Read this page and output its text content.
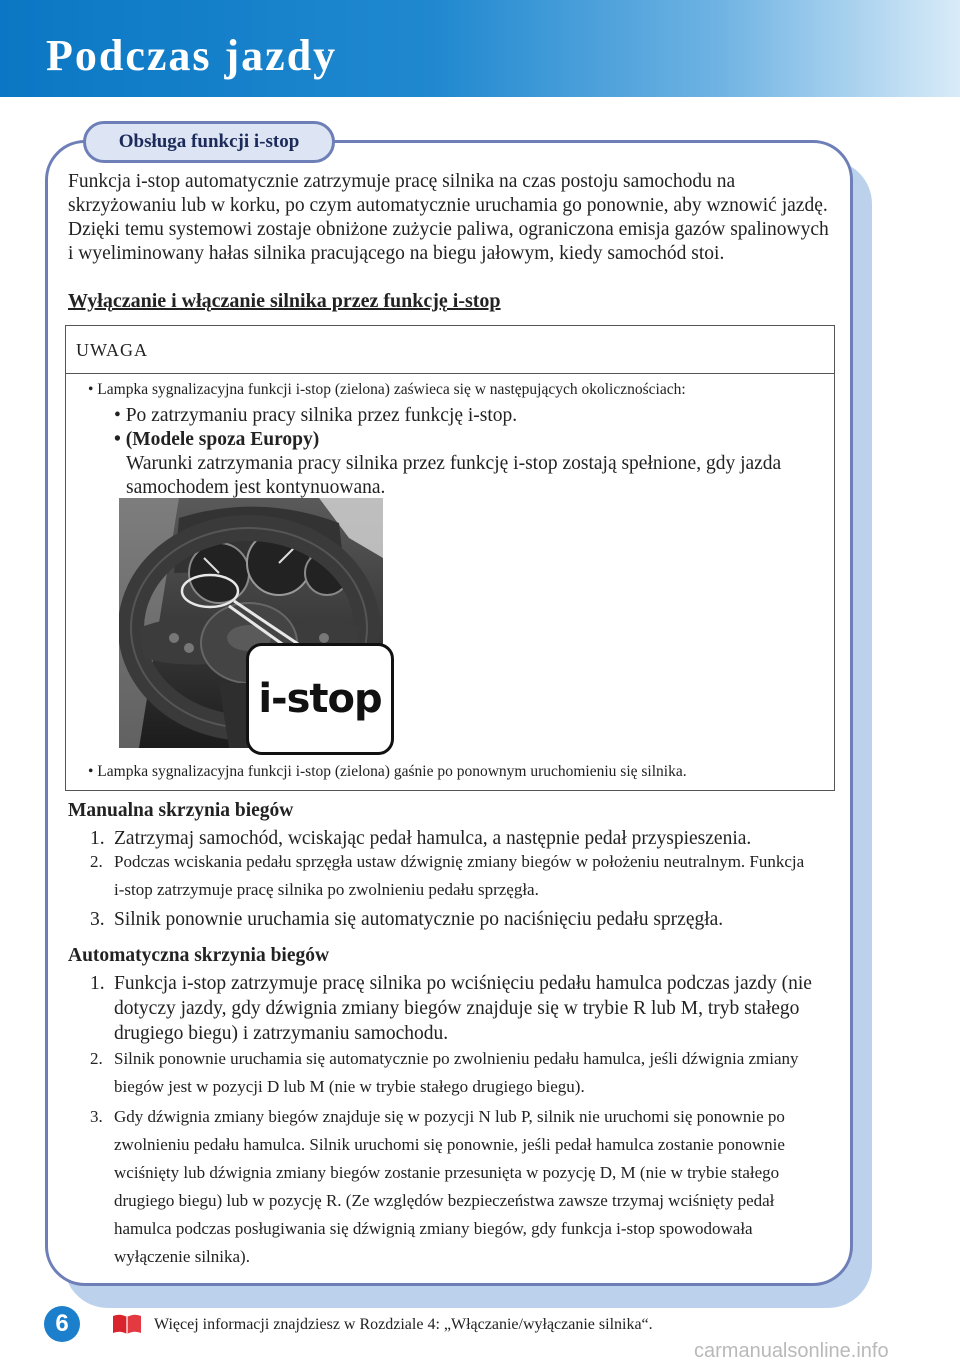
Podczas jazdy
Obsługa funkcji i-stop

Funkcja i-stop automatycznie zatrzymuje pracę silnika na czas postoju samochodu na skrzyżowaniu lub w korku, po czym automatycznie uruchamia go ponownie, aby wznowić jazdę. Dzięki temu systemowi zostaje obniżone zużycie paliwa, ograniczona emisja gazów spalinowych i wyeliminowany hałas silnika pracującego na biegu jałowym, kiedy samochód stoi.

Wyłączanie i włączanie silnika przez funkcję i-stop
UWAGA
• Lampka sygnalizacyjna funkcji i-stop (zielona) zaświeca się w następujących okolicznościach:
• Po zatrzymaniu pracy silnika przez funkcję i-stop.
• (Modele spoza Europy)
Warunki zatrzymania pracy silnika przez funkcję i-stop zostają spełnione, gdy jazda samochodem jest kontynuowana.
i-stop
• Lampka sygnalizacyjna funkcji i-stop (zielona) gaśnie po ponownym uruchomieniu się silnika.
Manualna skrzynia biegów
1. Zatrzymaj samochód, wciskając pedał hamulca, a następnie pedał przyspieszenia.
2. Podczas wciskania pedału sprzęgła ustaw dźwignię zmiany biegów w położeniu neutralnym. Funkcja i-stop zatrzymuje pracę silnika po zwolnieniu pedału sprzęgła.
3. Silnik ponownie uruchamia się automatycznie po naciśnięciu pedału sprzęgła.
Automatyczna skrzynia biegów
1. Funkcja i-stop zatrzymuje pracę silnika po wciśnięciu pedału hamulca podczas jazdy (nie dotyczy jazdy, gdy dźwignia zmiany biegów znajduje się w trybie R lub M, tryb stałego drugiego biegu) i zatrzymaniu samochodu.
2. Silnik ponownie uruchamia się automatycznie po zwolnieniu pedału hamulca, jeśli dźwignia zmiany biegów jest w pozycji D lub M (nie w trybie stałego drugiego biegu).
3. Gdy dźwignia zmiany biegów znajduje się w pozycji N lub P, silnik nie uruchomi się ponownie po zwolnieniu pedału hamulca. Silnik uruchomi się ponownie, jeśli pedał hamulca zostanie ponownie wciśnięty lub dźwignia zmiany biegów zostanie przesunięta w pozycję D, M (nie w trybie stałego drugiego biegu) lub w pozycję R. (Ze względów bezpieczeństwa zawsze trzymaj wciśnięty pedał hamulca podczas posługiwania się dźwignią zmiany biegów, gdy funkcja i-stop spowodowała wyłączenie silnika).
6	Więcej informacji znajdziesz w Rozdziale 4: „Włączanie/wyłączanie silnika“.
carmanualsonline.info
